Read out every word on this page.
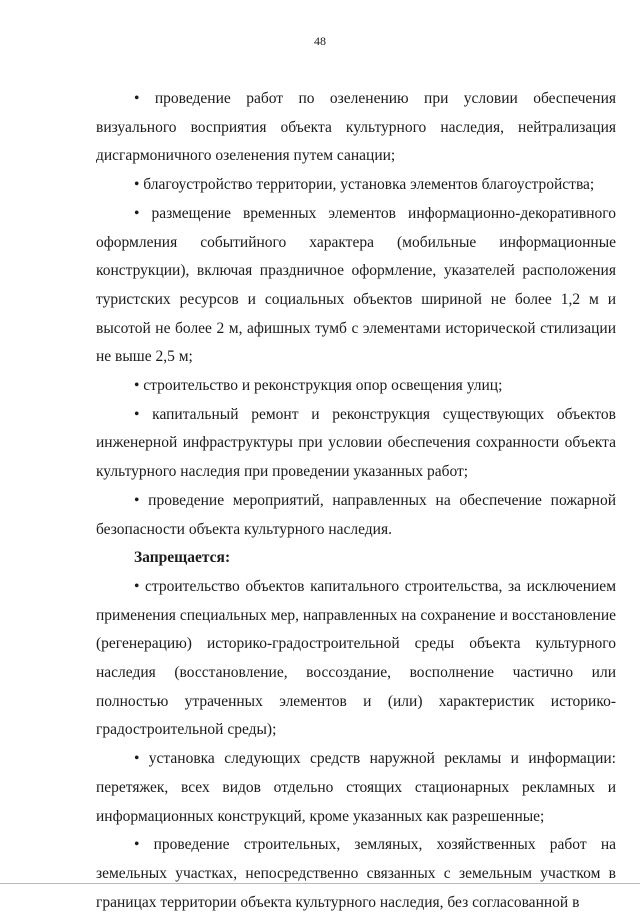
48

• проведение работ по озеленению при условии обеспечения визуального восприятия объекта культурного наследия, нейтрализация дисгармоничного озеленения путем санации;

• благоустройство территории, установка элементов благоустройства;

• размещение временных элементов информационно-декоративного оформления событийного характера (мобильные информационные конструкции), включая праздничное оформление, указателей расположения туристских ресурсов и социальных объектов шириной не более 1,2 м и высотой не более 2 м, афишных тумб с элементами исторической стилизации не выше 2,5 м;

• строительство и реконструкция опор освещения улиц;

• капитальный ремонт и реконструкция существующих объектов инженерной инфраструктуры при условии обеспечения сохранности объекта культурного наследия при проведении указанных работ;

• проведение мероприятий, направленных на обеспечение пожарной безопасности объекта культурного наследия.

Запрещается:

• строительство объектов капитального строительства, за исключением применения специальных мер, направленных на сохранение и восстановление (регенерацию) историко-градостроительной среды объекта культурного наследия (восстановление, воссоздание, восполнение частично или полностью утраченных элементов и (или) характеристик историко-градостроительной среды);

• установка следующих средств наружной рекламы и информации: перетяжек, всех видов отдельно стоящих стационарных рекламных и информационных конструкций, кроме указанных как разрешенные;

• проведение строительных, земляных, хозяйственных работ на земельных участках, непосредственно связанных с земельным участком в границах территории объекта культурного наследия, без согласованной в
